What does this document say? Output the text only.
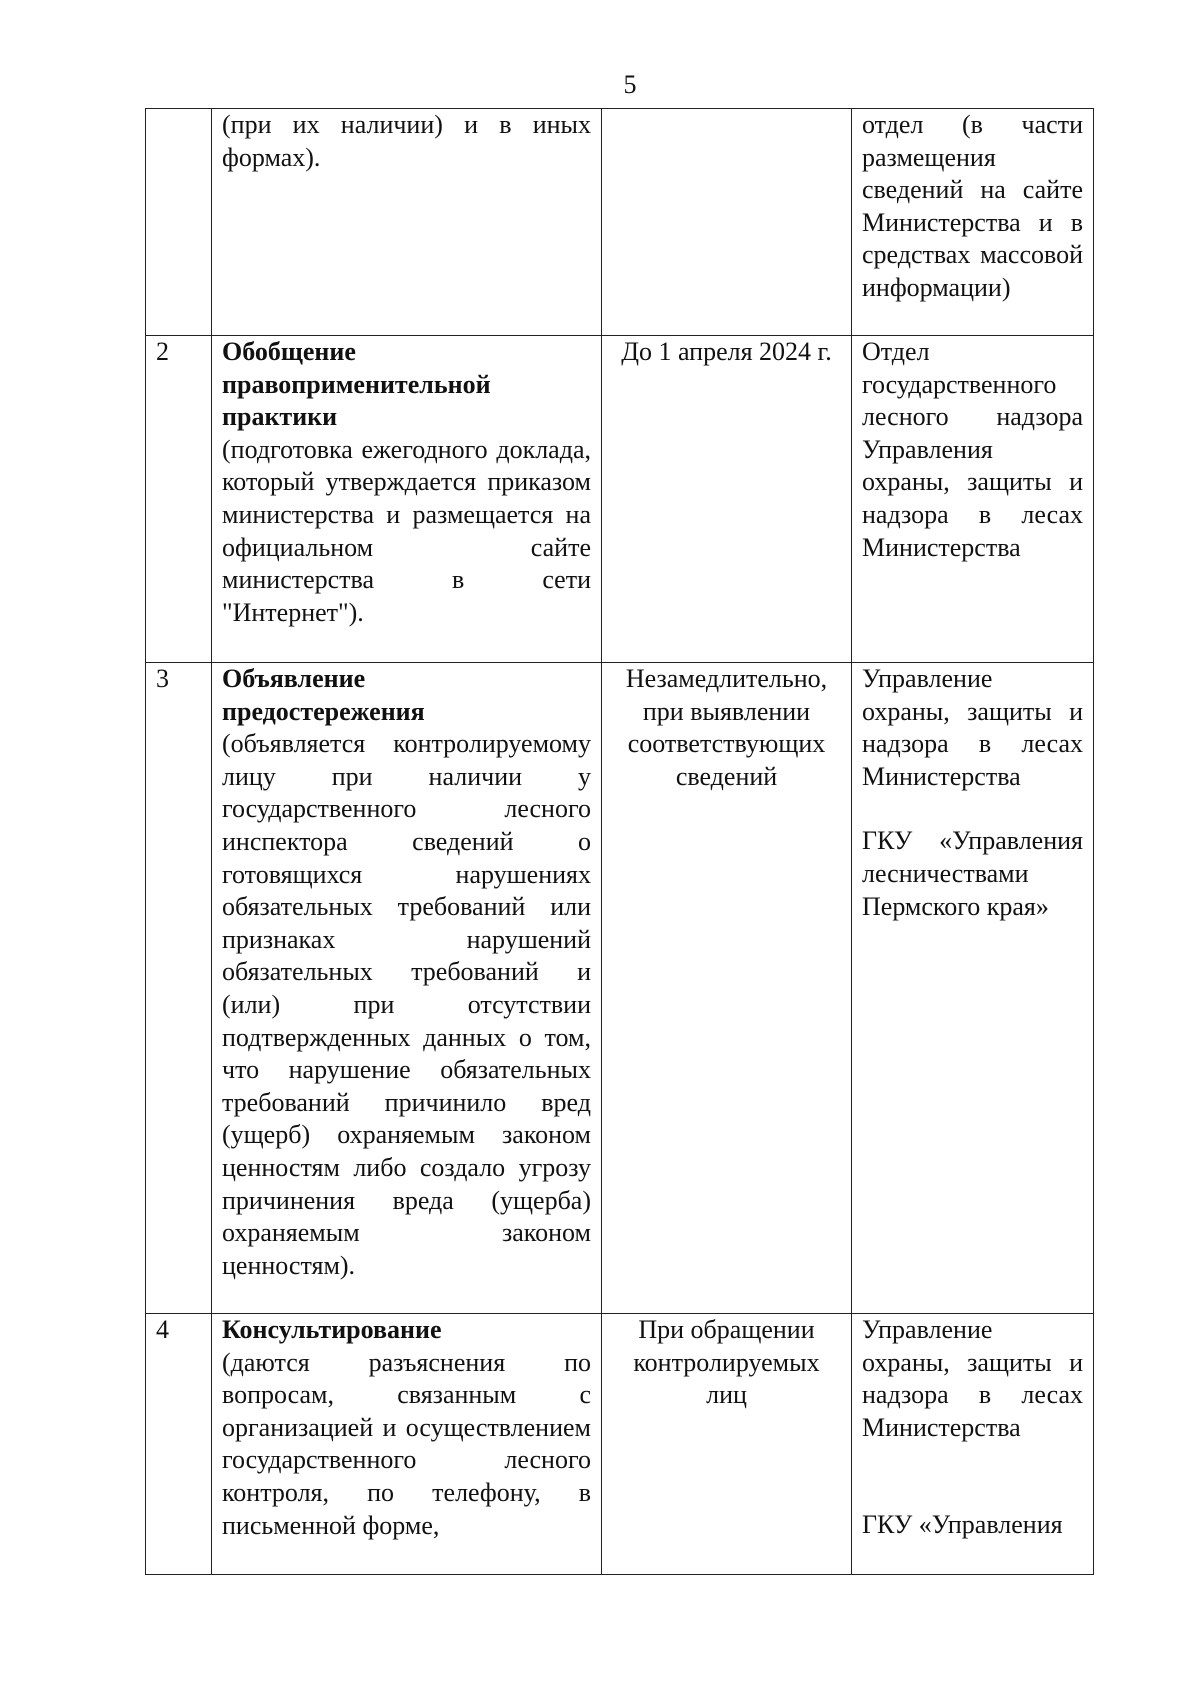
5

	(при их наличии) и в иных формах).		отдел (в части размещения сведений на сайте Министерства и в средствах массовой информации)

2	Обобщение правоприменительной практики
(подготовка ежегодного доклада, который утверждается приказом министерства и размещается на официальном сайте министерства в сети "Интернет").	До 1 апреля 2024 г.	Отдел государственного лесного надзора Управления охраны, защиты и надзора в лесах Министерства

3	Объявление предостережения
(объявляется контролируемому лицу при наличии у государственного лесного инспектора сведений о готовящихся нарушениях обязательных требований или признаках нарушений обязательных требований и (или) при отсутствии подтвержденных данных о том, что нарушение обязательных требований причинило вред (ущерб) охраняемым законом ценностям либо создало угрозу причинения вреда (ущерба) охраняемым законом ценностям).	Незамедлительно, при выявлении соответствующих сведений	Управление охраны, защиты и надзора в лесах Министерства
ГКУ «Управления лесничествами Пермского края»

4	Консультирование
(даются разъяснения по вопросам, связанным с организацией и осуществлением государственного лесного контроля, по телефону, в письменной форме,	При обращении контролируемых лиц	Управление охраны, защиты и надзора в лесах Министерства
ГКУ «Управления
